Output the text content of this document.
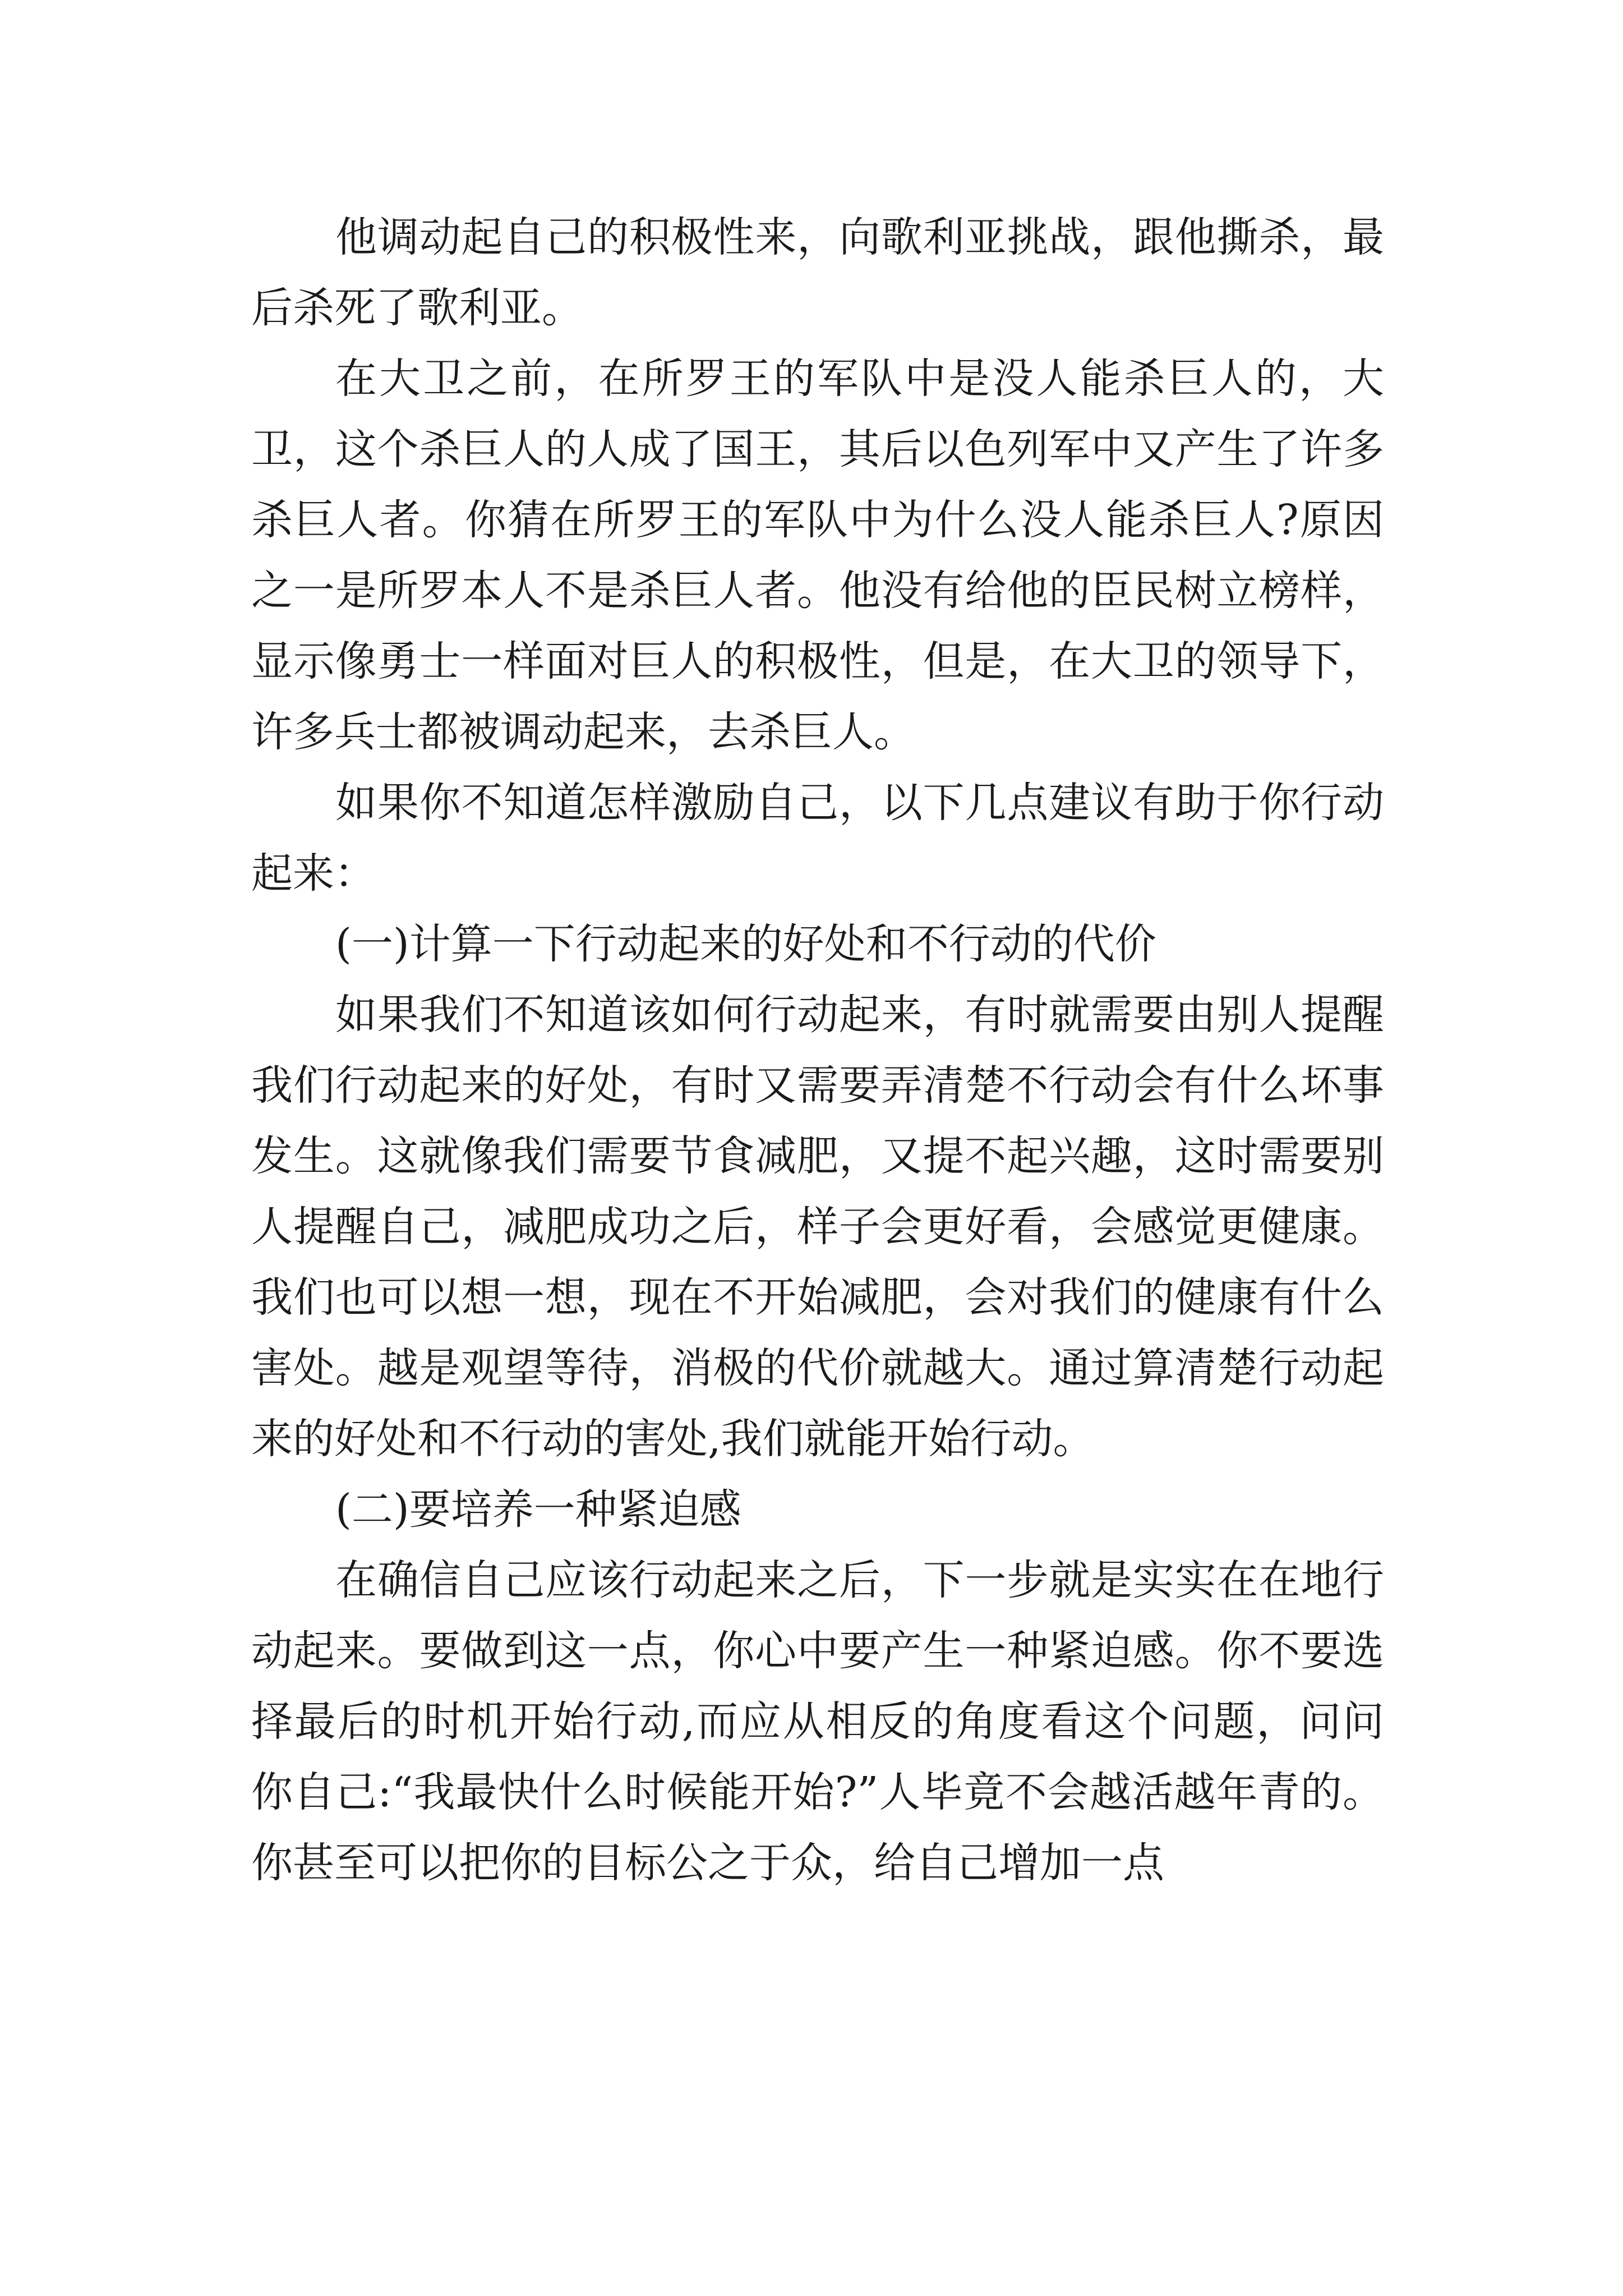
他调动起自己的积极性来，向歌利亚挑战，跟他撕杀，最后杀死了歌利亚。

在大卫之前，在所罗王的军队中是没人能杀巨人的，大卫，这个杀巨人的人成了国王，其后以色列军中又产生了许多杀巨人者。你猜在所罗王的军队中为什么没人能杀巨人?原因之一是所罗本人不是杀巨人者。他没有给他的臣民树立榜样，显示像勇士一样面对巨人的积极性，但是，在大卫的领导下，许多兵士都被调动起来，去杀巨人。

如果你不知道怎样激励自己，以下几点建议有助于你行动起来：

(一)计算一下行动起来的好处和不行动的代价

如果我们不知道该如何行动起来，有时就需要由别人提醒我们行动起来的好处，有时又需要弄清楚不行动会有什么坏事发生。这就像我们需要节食减肥，又提不起兴趣，这时需要别人提醒自己，减肥成功之后，样子会更好看，会感觉更健康。我们也可以想一想，现在不开始减肥，会对我们的健康有什么害处。越是观望等待，消极的代价就越大。通过算清楚行动起来的好处和不行动的害处,我们就能开始行动。

(二)要培养一种紧迫感

在确信自己应该行动起来之后，下一步就是实实在在地行动起来。要做到这一点，你心中要产生一种紧迫感。你不要选择最后的时机开始行动,而应从相反的角度看这个问题，问问你自己:“我最快什么时候能开始?”人毕竟不会越活越年青的。你甚至可以把你的目标公之于众，给自己增加一点
